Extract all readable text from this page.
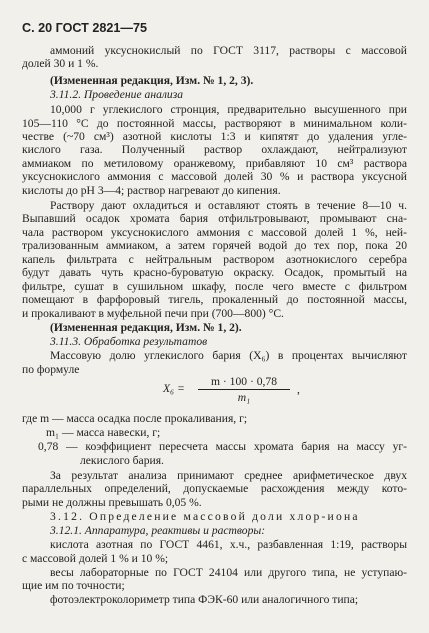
С. 20 ГОСТ 2821—75
аммоний уксуснокислый по ГОСТ 3117, растворы с массовой
долей 30 и 1 %.
(Измененная редакция, Изм. № 1, 2, 3).
3.11.2. Проведение анализа
10,000 г углекислого стронция, предварительно высушенного при
105—110 °С до постоянной массы, растворяют в минимальном коли-
честве (~70 см³) азотной кислоты 1:3 и кипятят до удаления угле-
кислого газа. Полученный раствор охлаждают, нейтрализуют
аммиаком по метиловому оранжевому, прибавляют 10 см³ раствора
уксуснокислого аммония с массовой долей 30 % и раствора уксусной
кислоты до pH 3—4; раствор нагревают до кипения.
Раствору дают охладиться и оставляют стоять в течение 8—10 ч.
Выпавший осадок хромата бария отфильтровывают, промывают сна-
чала раствором уксуснокислого аммония с массовой долей 1 %, ней-
трализованным аммиаком, а затем горячей водой до тех пор, пока 20
капель фильтрата с нейтральным раствором азотнокислого серебра
будут давать чуть красно-буроватую окраску. Осадок, промытый на
фильтре, сушат в сушильном шкафу, после чего вместе с фильтром
помещают в фарфоровый тигель, прокаленный до постоянной массы,
и прокаливают в муфельной печи при (700—800) °С.
(Измененная редакция, Изм. № 1, 2).
3.11.3. Обработка результатов
Массовую долю углекислого бария (X₆) в процентах вычисляют
по формуле
X₆ =
m · 100 · 0,78
m₁
,
где m — масса осадка после прокаливания, г;
m₁ — масса навески, г;
0,78 — коэффициент пересчета массы хромата бария на массу уг-
лекислого бария.
За результат анализа принимают среднее арифметическое двух
параллельных определений, допускаемые расхождения между кото-
рыми не должны превышать 0,05 %.
3.12. Определение массовой доли хлор-иона
3.12.1. Аппаратура, реактивы и растворы:
кислота азотная по ГОСТ 4461, х.ч., разбавленная 1:19, растворы
с массовой долей 1 % и 10 %;
весы лабораторные по ГОСТ 24104 или другого типа, не уступаю-
щие им по точности;
фотоэлектроколориметр типа ФЭК-60 или аналогичного типа;
